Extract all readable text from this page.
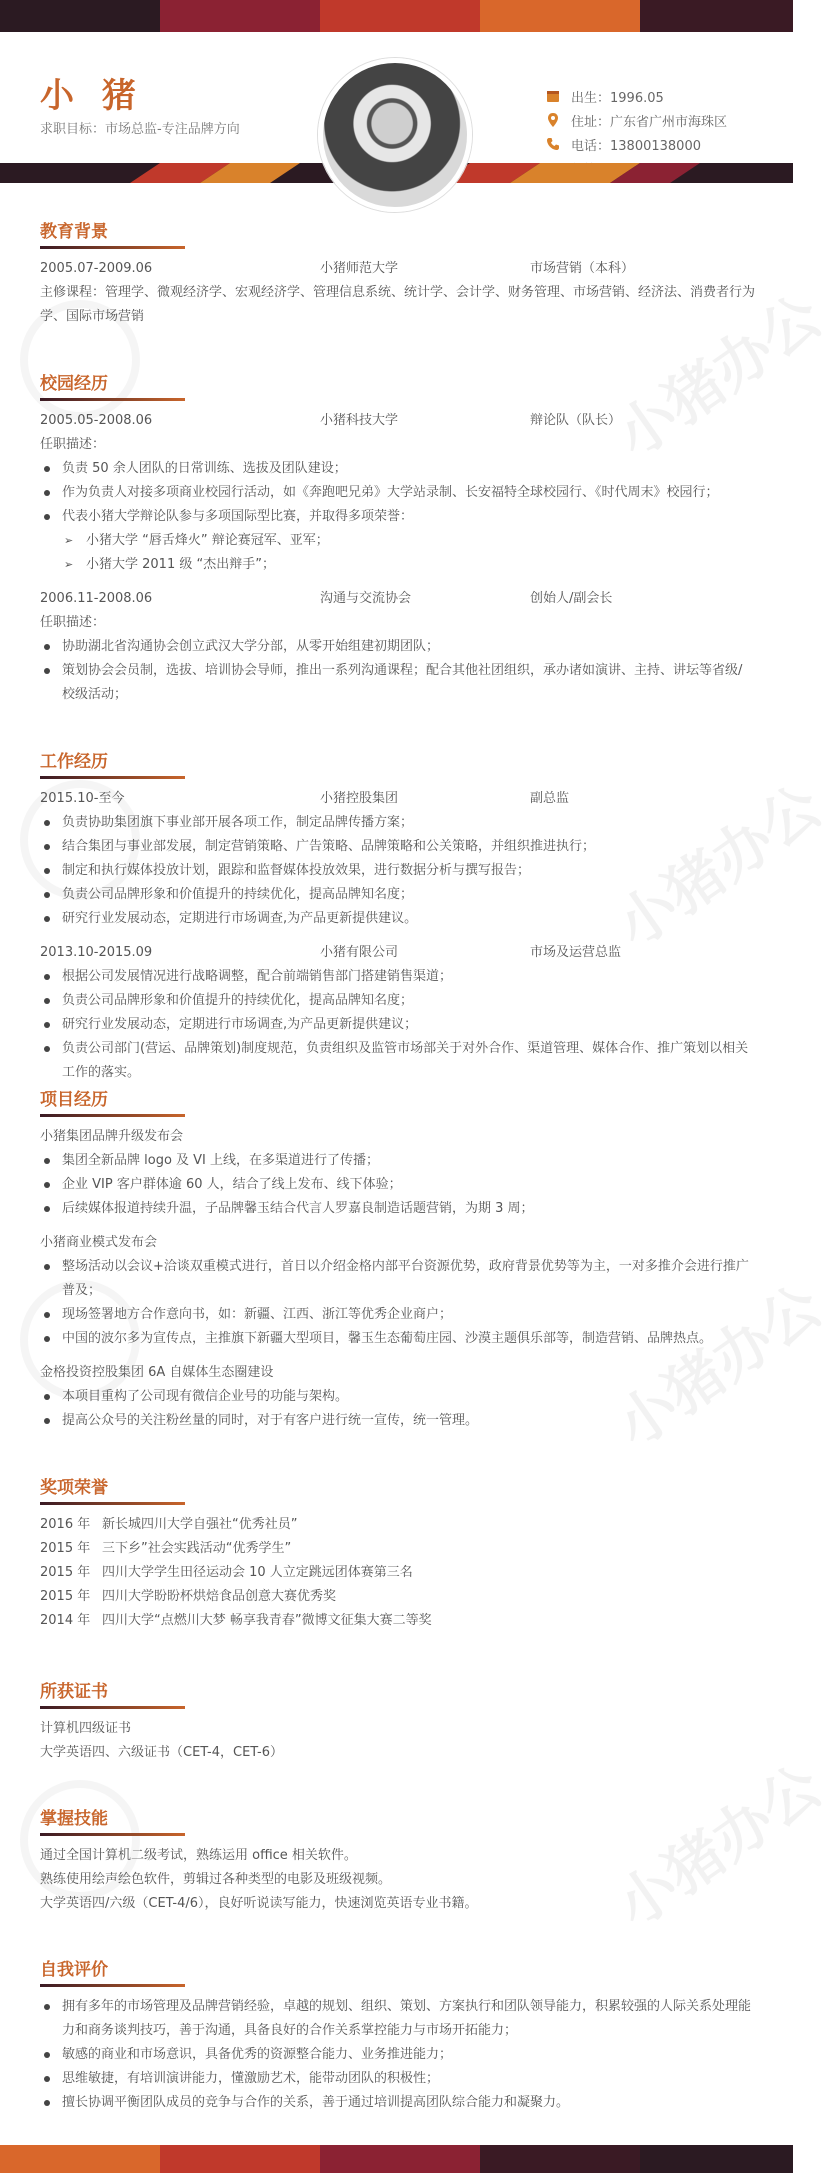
小 猪
求职目标：市场总监-专注品牌方向
出生：1996.05
住址：广东省广州市海珠区
电话：13800138000
小猪办公
小猪办公
小猪办公
小猪办公
教育背景
2005.07-2009.06	小猪师范大学	市场营销（本科）
主修课程：管理学、微观经济学、宏观经济学、管理信息系统、统计学、会计学、财务管理、市场营销、经济法、消费者行为学、国际市场营销
校园经历
2005.05-2008.06	小猪科技大学	辩论队（队长）
任职描述：
负责 50 余人团队的日常训练、选拔及团队建设；
作为负责人对接多项商业校园行活动，如《奔跑吧兄弟》大学站录制、长安福特全球校园行、《时代周末》校园行；
代表小猪大学辩论队参与多项国际型比赛，并取得多项荣誉：
➢ 小猪大学 “唇舌烽火” 辩论赛冠军、亚军；
➢ 小猪大学 2011 级 “杰出辩手”；
2006.11-2008.06	沟通与交流协会	创始人/副会长
任职描述：
协助湖北省沟通协会创立武汉大学分部，从零开始组建初期团队；
策划协会会员制，选拔、培训协会导师，推出一系列沟通课程；配合其他社团组织，承办诸如演讲、主持、讲坛等省级/校级活动；
工作经历
2015.10-至今	小猪控股集团	副总监
负责协助集团旗下事业部开展各项工作，制定品牌传播方案；
结合集团与事业部发展，制定营销策略、广告策略、品牌策略和公关策略，并组织推进执行；
制定和执行媒体投放计划，跟踪和监督媒体投放效果，进行数据分析与撰写报告；
负责公司品牌形象和价值提升的持续优化，提高品牌知名度；
研究行业发展动态，定期进行市场调查,为产品更新提供建议。
2013.10-2015.09	小猪有限公司	市场及运营总监
根据公司发展情况进行战略调整，配合前端销售部门搭建销售渠道；
负责公司品牌形象和价值提升的持续优化，提高品牌知名度；
研究行业发展动态，定期进行市场调查,为产品更新提供建议；
负责公司部门(营运、品牌策划)制度规范，负责组织及监管市场部关于对外合作、渠道管理、媒体合作、推广策划以相关工作的落实。
项目经历
小猪集团品牌升级发布会
集团全新品牌 logo 及 VI 上线，在多渠道进行了传播；
企业 VIP 客户群体逾 60 人，结合了线上发布、线下体验；
后续媒体报道持续升温，子品牌馨玉结合代言人罗嘉良制造话题营销，为期 3 周；
小猪商业模式发布会
整场活动以会议+洽谈双重模式进行，首日以介绍金格内部平台资源优势，政府背景优势等为主，一对多推介会进行推广普及；
现场签署地方合作意向书，如：新疆、江西、浙江等优秀企业商户；
中国的波尔多为宣传点，主推旗下新疆大型项目，馨玉生态葡萄庄园、沙漠主题俱乐部等，制造营销、品牌热点。
金格投资控股集团 6A 自媒体生态圈建设
本项目重构了公司现有微信企业号的功能与架构。
提高公众号的关注粉丝量的同时，对于有客户进行统一宣传，统一管理。
奖项荣誉
2016 年 新长城四川大学自强社“优秀社员”
2015 年 三下乡”社会实践活动“优秀学生”
2015 年 四川大学学生田径运动会 10 人立定跳远团体赛第三名
2015 年 四川大学盼盼杯烘焙食品创意大赛优秀奖
2014 年 四川大学“点燃川大梦 畅享我青春”微博文征集大赛二等奖
所获证书
计算机四级证书
大学英语四、六级证书（CET-4，CET-6）
掌握技能
通过全国计算机二级考试，熟练运用 office 相关软件。
熟练使用绘声绘色软件，剪辑过各种类型的电影及班级视频。
大学英语四/六级（CET-4/6），良好听说读写能力，快速浏览英语专业书籍。
自我评价
拥有多年的市场管理及品牌营销经验，卓越的规划、组织、策划、方案执行和团队领导能力，积累较强的人际关系处理能力和商务谈判技巧，善于沟通，具备良好的合作关系掌控能力与市场开拓能力；
敏感的商业和市场意识，具备优秀的资源整合能力、业务推进能力；
思维敏捷，有培训演讲能力，懂激励艺术，能带动团队的积极性；
擅长协调平衡团队成员的竞争与合作的关系，善于通过培训提高团队综合能力和凝聚力。
